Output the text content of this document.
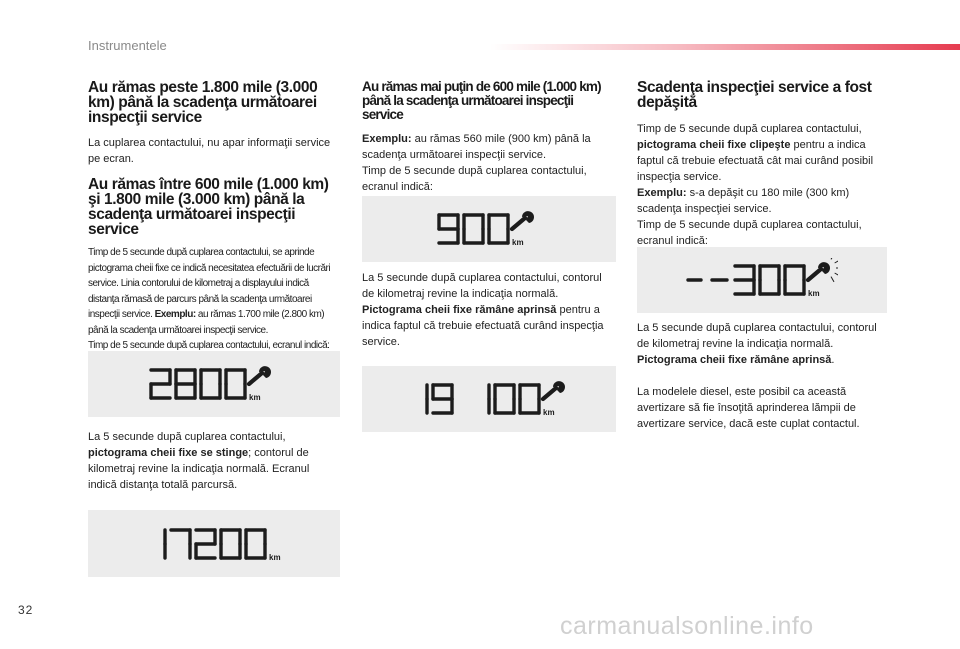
Instrumentele
Au rămas peste 1.800 mile (3.000 km) până la scadenţa următoarei inspecţii service

La cuplarea contactului, nu apar informaţii service pe ecran.

Au rămas între 600 mile (1.000 km) şi 1.800 mile (3.000 km) până la scadenţa următoarei inspecţii service

Timp de 5 secunde după cuplarea contactului, se aprinde pictograma cheii fixe ce indică necesitatea efectuării de lucrări service. Linia contorului de kilometraj a displayului indică distanţa rămasă de parcurs până la scadenţa următoarei inspecţii service. Exemplu: au rămas 1.700 mile (2.800 km) până la scadenţa următoarei inspecţii service.
Timp de 5 secunde după cuplarea contactului, ecranul indică:

km

La 5 secunde după cuplarea contactului, pictograma cheii fixe se stinge; contorul de kilometraj revine la indicaţia normală. Ecranul indică distanţa totală parcursă.

km
Au rămas mai puţin de 600 mile (1.000 km) până la scadenţa următoarei inspecţii service

Exemplu: au rămas 560 mile (900 km) până la scadenţa următoarei inspecţii service.
Timp de 5 secunde după cuplarea contactului, ecranul indică:

km

La 5 secunde după cuplarea contactului, contorul de kilometraj revine la indicaţia normală. Pictograma cheii fixe rămâne aprinsă pentru a indica faptul că trebuie efectuată curând inspecţia service.

km
Scadenţa inspecţiei service a fost depăşită

Timp de 5 secunde după cuplarea contactului, pictograma cheii fixe clipeşte pentru a indica faptul că trebuie efectuată cât mai curând posibil inspecţia service.
Exemplu: s-a depăşit cu 180 mile (300 km) scadenţa inspecţiei service.
Timp de 5 secunde după cuplarea contactului, ecranul indică:

km

La 5 secunde după cuplarea contactului, contorul de kilometraj revine la indicaţia normală. Pictograma cheii fixe rămâne aprinsă.

La modelele diesel, este posibil ca această avertizare să fie însoţită aprinderea lămpii de avertizare service, dacă este cuplat contactul.

32
carmanualsonline.info
